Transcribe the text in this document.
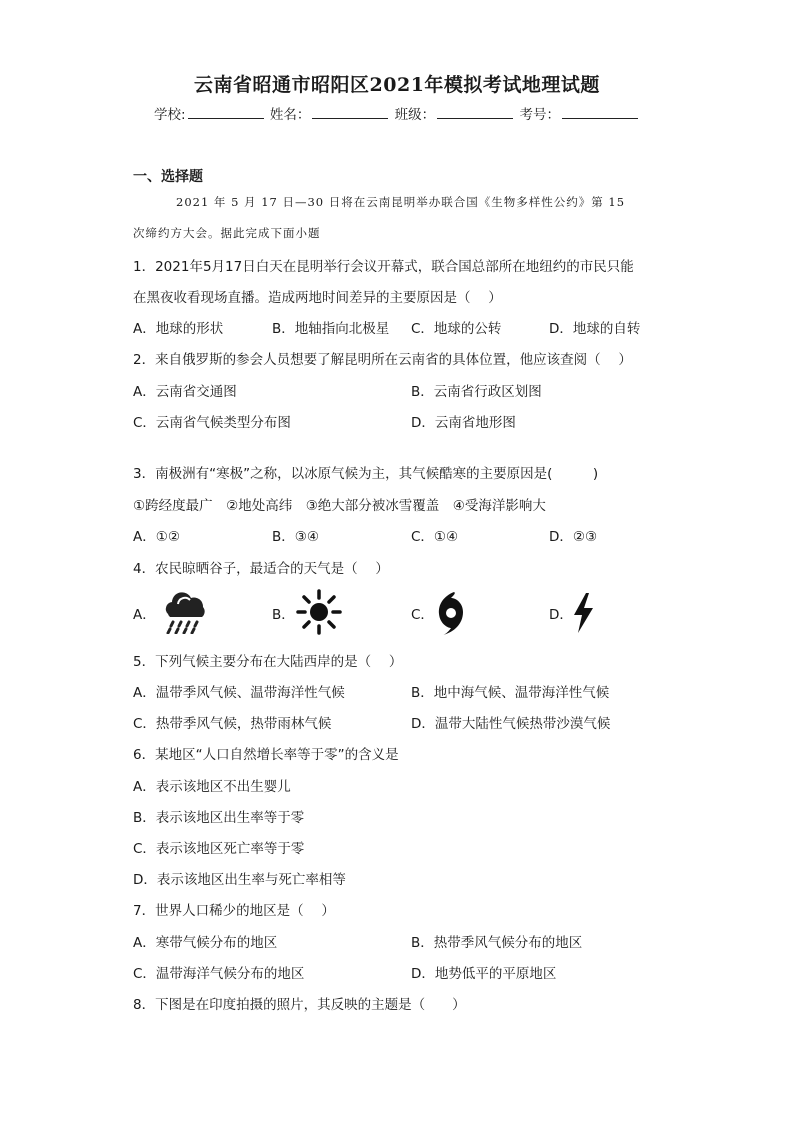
云南省昭通市昭阳区2021年模拟考试地理试题
学校:	姓名：	班级：	考号：
一、选择题
2021 年 5 月 17 日—30 日将在云南昆明举办联合国《生物多样性公约》第 15
次缔约方大会。据此完成下面小题
1．2021年5月17日白天在昆明举行会议开幕式，联合国总部所在地纽约的市民只能
在黑夜收看现场直播。造成两地时间差异的主要原因是（　 ）
A．地球的形状	B．地轴指向北极星 C．地球的公转	D．地球的自转
2．来自俄罗斯的参会人员想要了解昆明所在云南省的具体位置，他应该查阅（　 ）
A．云南省交通图	B．云南省行政区划图
C．云南省气候类型分布图	D．云南省地形图
3．南极洲有“寒极”之称，以冰原气候为主，其气候酷寒的主要原因是(　　　)
①跨经度最广　②地处高纬　③绝大部分被冰雪覆盖　④受海洋影响大
A．①②	B．③④	C．①④	D．②③
4．农民晾晒谷子，最适合的天气是（　 ）
A．	B．	C．	D．
5．下列气候主要分布在大陆西岸的是（　 ）
A．温带季风气候、温带海洋性气候	B．地中海气候、温带海洋性气候
C．热带季风气候，热带雨林气候	D．温带大陆性气候热带沙漠气候
6．某地区“人口自然增长率等于零”的含义是
A．表示该地区不出生婴儿
B．表示该地区出生率等于零
C．表示该地区死亡率等于零
D．表示该地区出生率与死亡率相等
7．世界人口稀少的地区是（　 ）
A．寒带气候分布的地区	B．热带季风气候分布的地区
C．温带海洋气候分布的地区	D．地势低平的平原地区
8．下图是在印度拍摄的照片，其反映的主题是（　　）
